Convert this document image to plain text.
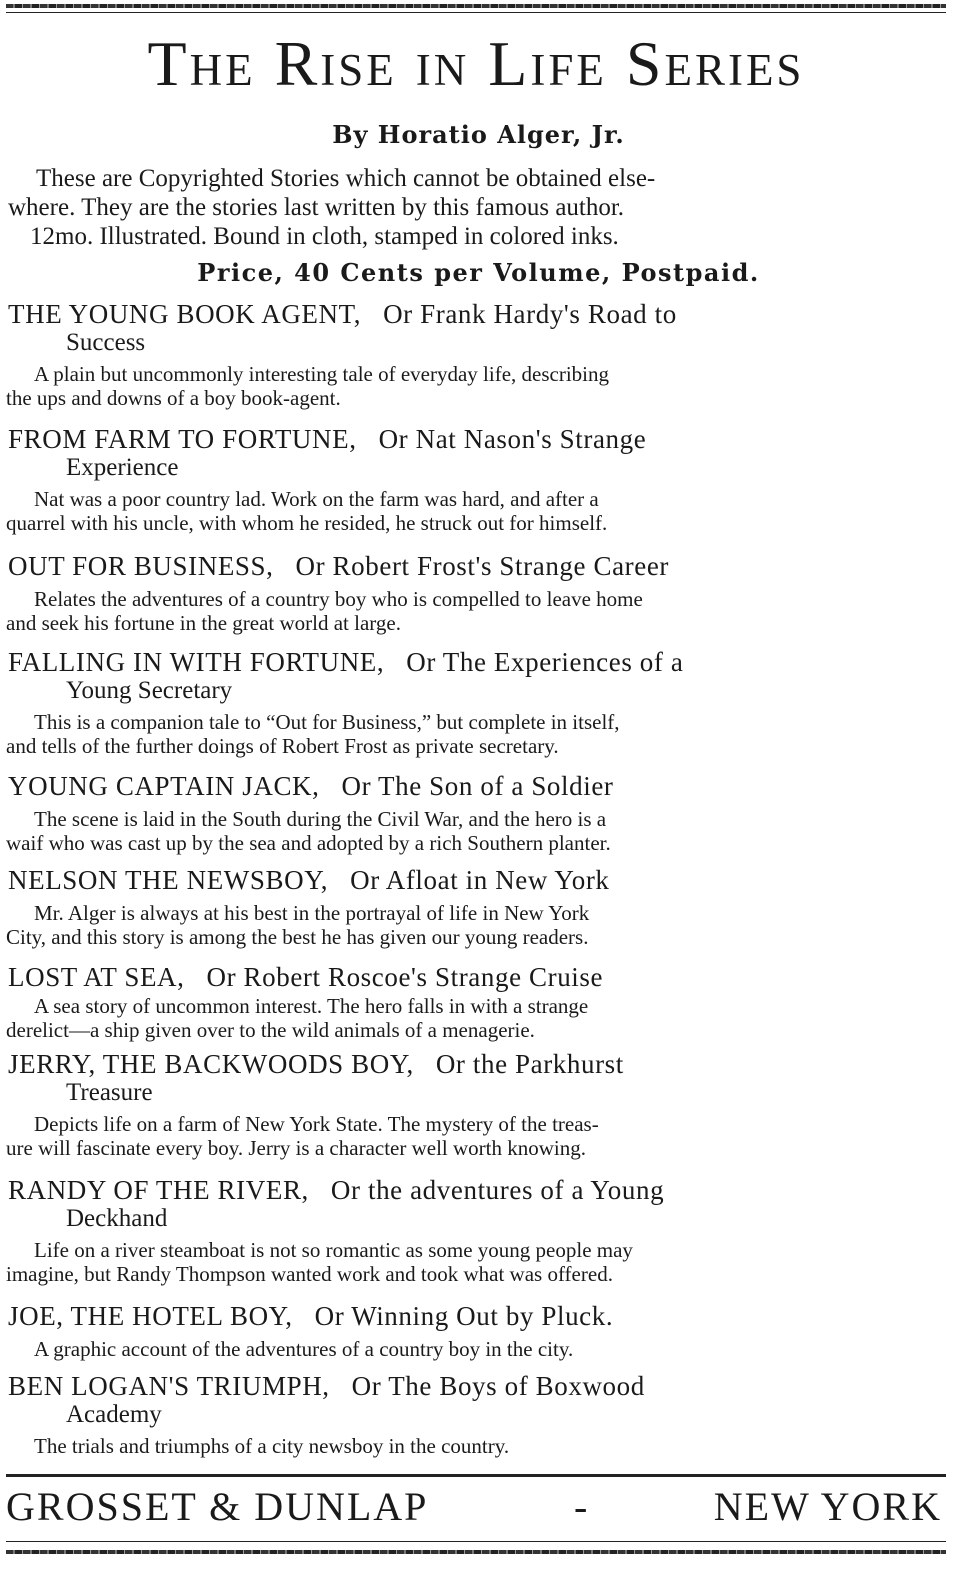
The Rise in Life Series
By Horatio Alger, Jr.
These are Copyrighted Stories which cannot be obtained else-
where. They are the stories last written by this famous author.
12mo. Illustrated. Bound in cloth, stamped in colored inks.
Price, 40 Cents per Volume, Postpaid.
THE YOUNG BOOK AGENT, Or Frank Hardy's Road to
Success
A plain but uncommonly interesting tale of everyday life, describing
the ups and downs of a boy book-agent.
FROM FARM TO FORTUNE, Or Nat Nason's Strange
Experience
Nat was a poor country lad. Work on the farm was hard, and after a
quarrel with his uncle, with whom he resided, he struck out for himself.
OUT FOR BUSINESS, Or Robert Frost's Strange Career
Relates the adventures of a country boy who is compelled to leave home
and seek his fortune in the great world at large.
FALLING IN WITH FORTUNE, Or The Experiences of a
Young Secretary
This is a companion tale to “Out for Business,” but complete in itself,
and tells of the further doings of Robert Frost as private secretary.
YOUNG CAPTAIN JACK, Or The Son of a Soldier
The scene is laid in the South during the Civil War, and the hero is a
waif who was cast up by the sea and adopted by a rich Southern planter.
NELSON THE NEWSBOY, Or Afloat in New York
Mr. Alger is always at his best in the portrayal of life in New York
City, and this story is among the best he has given our young readers.
LOST AT SEA, Or Robert Roscoe's Strange Cruise
A sea story of uncommon interest. The hero falls in with a strange
derelict—a ship given over to the wild animals of a menagerie.
JERRY, THE BACKWOODS BOY, Or the Parkhurst
Treasure
Depicts life on a farm of New York State. The mystery of the treas-
ure will fascinate every boy. Jerry is a character well worth knowing.
RANDY OF THE RIVER, Or the adventures of a Young
Deckhand
Life on a river steamboat is not so romantic as some young people may
imagine, but Randy Thompson wanted work and took what was offered.
JOE, THE HOTEL BOY, Or Winning Out by Pluck.
A graphic account of the adventures of a country boy in the city.
BEN LOGAN'S TRIUMPH, Or The Boys of Boxwood
Academy
The trials and triumphs of a city newsboy in the country.
GROSSET & DUNLAP	-	NEW YORK
